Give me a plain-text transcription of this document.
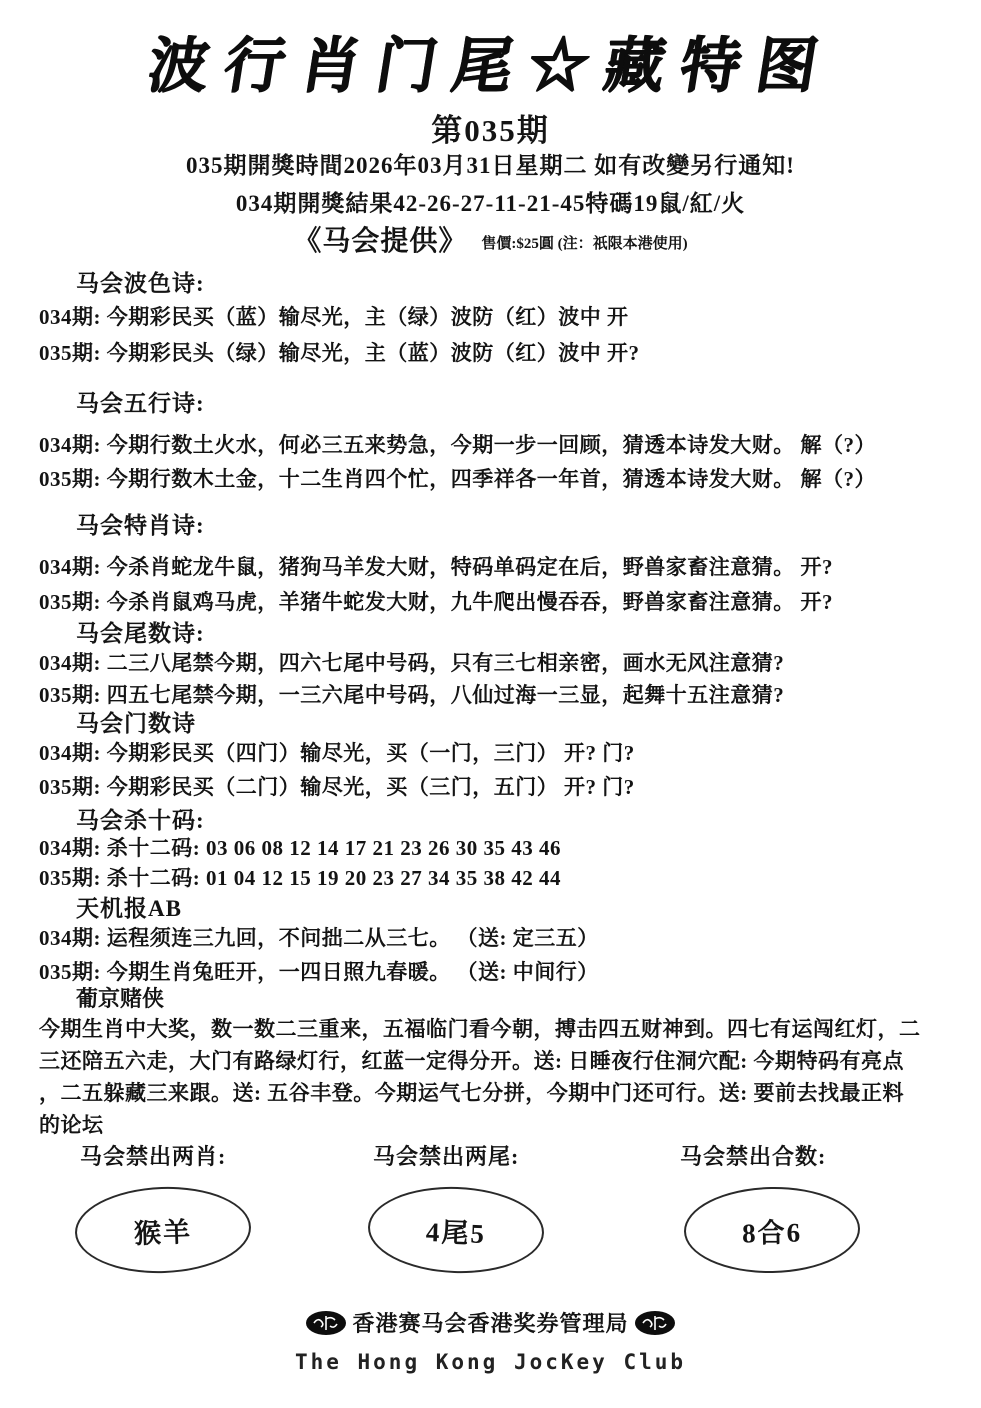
波行肖门尾☆藏特图
第035期
035期開獎時間2026年03月31日星期二 如有改變另行通知!
034期開獎結果42-26-27-11-21-45特碼19鼠/紅/火
《马会提供》 售價:$25圓 (注：祇限本港使用)
马会波色诗:
034期: 今期彩民买（蓝）输尽光，主（绿）波防（红）波中 开
035期: 今期彩民头（绿）输尽光，主（蓝）波防（红）波中 开?
马会五行诗:
034期: 今期行数土火水，何必三五来势急，今期一步一回顾，猜透本诗发大财。 解（?）
035期: 今期行数木土金，十二生肖四个忙，四季祥各一年首，猜透本诗发大财。 解（?）
马会特肖诗:
034期: 今杀肖蛇龙牛鼠，猪狗马羊发大财，特码单码定在后，野兽家畜注意猜。 开?
035期: 今杀肖鼠鸡马虎，羊猪牛蛇发大财，九牛爬出慢吞吞，野兽家畜注意猜。 开?
马会尾数诗:
034期: 二三八尾禁今期，四六七尾中号码，只有三七相亲密，画水无风注意猜?
035期: 四五七尾禁今期，一三六尾中号码，八仙过海一三显，起舞十五注意猜?
马会门数诗
034期: 今期彩民买（四门）输尽光，买（一门，三门） 开? 门?
035期: 今期彩民买（二门）输尽光，买（三门，五门） 开? 门?
马会杀十码:
034期: 杀十二码: 03 06 08 12 14 17 21 23 26 30 35 43 46
035期: 杀十二码: 01 04 12 15 19 20 23 27 34 35 38 42 44
天机报AB
034期: 运程须连三九回，不问拙二从三七。 （送: 定三五）
035期: 今期生肖兔旺开，一四日照九春暖。 （送: 中间行）
葡京赌侠
今期生肖中大奖，数一数二三重来，五福临门看今朝，搏击四五财神到。四七有运闯红灯，二
三还陪五六走，大门有路绿灯行，红蓝一定得分开。送: 日睡夜行住洞穴配: 今期特码有亮点
，二五躲藏三来跟。送: 五谷丰登。今期运气七分拼，今期中门还可行。送: 要前去找最正料
的论坛
马会禁出两肖:
猴羊
马会禁出两尾:
4尾5
马会禁出合数:
8合6
香港赛马会香港奖券管理局
The Hong Kong JocKey Club
